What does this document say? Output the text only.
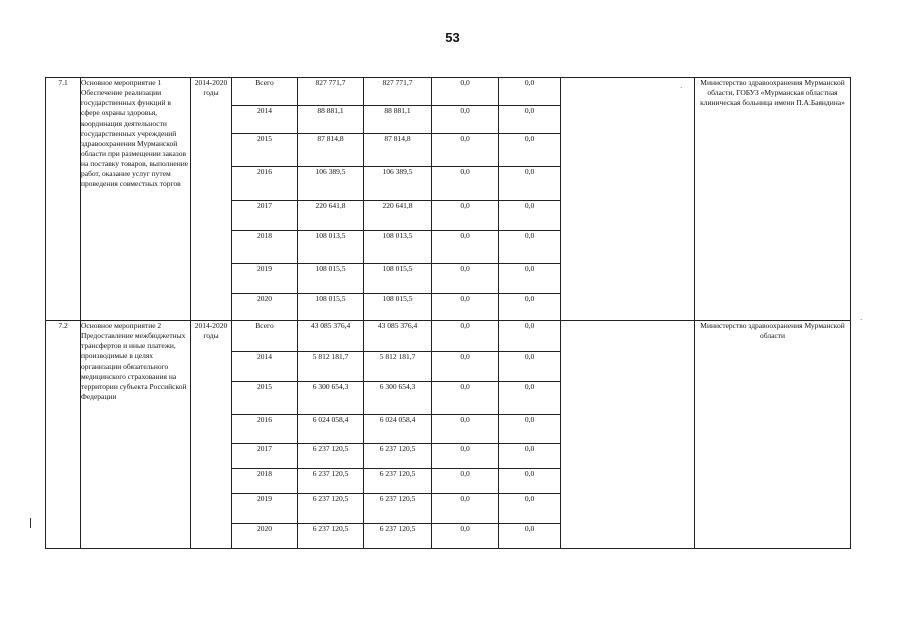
53
7.1	Основное мероприятие 1 Обеспечение реализации государственных функций в сфере охраны здоровья, координация деятельности государственных учреждений здравоохранения Мурманской области при размещении заказов на поставку товаров, выполнение работ, оказание услуг путем проведения совместных торгов	2014-2020 годы	Всего	827 771,7	827 771,7	0,0	0,0		Министерство здравоохранения Мурманской области, ГОБУЗ «Мурманская областная клиническая больница имени П.А.Баяндина»
			2014	88 881,1	88 881,1	0,0	0,0		
			2015	87 814,8	87 814,8	0,0	0,0		
			2016	106 389,5	106 389,5	0,0	0,0		
			2017	220 641,8	220 641,8	0,0	0,0		
			2018	108 013,5	108 013,5	0,0	0,0		
			2019	108 015,5	108 015,5	0,0	0,0		
			2020	108 015,5	108 015,5	0,0	0,0		
7.2	Основное мероприятие 2 Предоставление межбюджетных трансфертов и иные платежи, производимые в целях организации обязательного медицинского страхования на территории субъекта Российской Федерации	2014-2020 годы	Всего	43 085 376,4	43 085 376,4	0,0	0,0		Министерство здравоохранения Мурманской области
			2014	5 812 181,7	5 812 181,7	0,0	0,0		
			2015	6 300 654,3	6 300 654,3	0,0	0,0		
			2016	6 024 058,4	6 024 058,4	0,0	0,0		
			2017	6 237 120,5	6 237 120,5	0,0	0,0		
			2018	6 237 120,5	6 237 120,5	0,0	0,0		
			2019	6 237 120,5	6 237 120,5	0,0	0,0		
			2020	6 237 120,5	6 237 120,5	0,0	0,0		
·
·
